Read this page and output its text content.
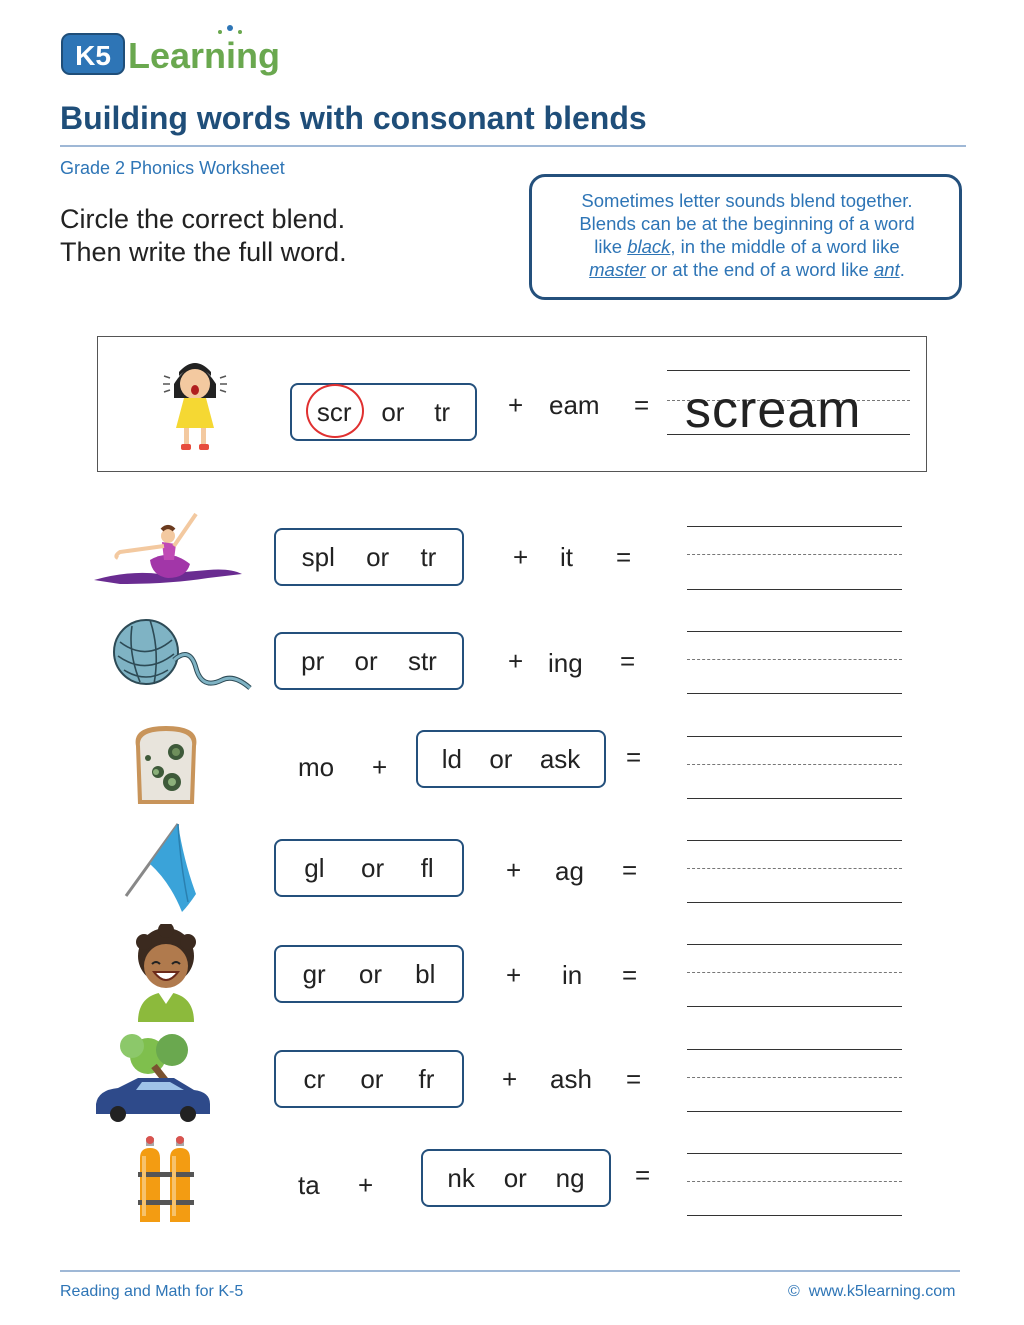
K5 Learning
Building words with consonant blends
Grade 2 Phonics Worksheet
Circle the correct blend.
Then write the full word.
Sometimes letter sounds blend together.
Blends can be at the beginning of a word
like black, in the middle of a word like
master or at the end of a word like ant.
scr or tr + eam = scream
spl or tr	+ it =
pr or str	+ ing =
mo + ld or ask =
gl or fl	+ ag =
gr or bl	+ in =
cr or fr	+ ash =
ta +	nk or ng =
Reading and Math for K-5	© www.k5learning.com
